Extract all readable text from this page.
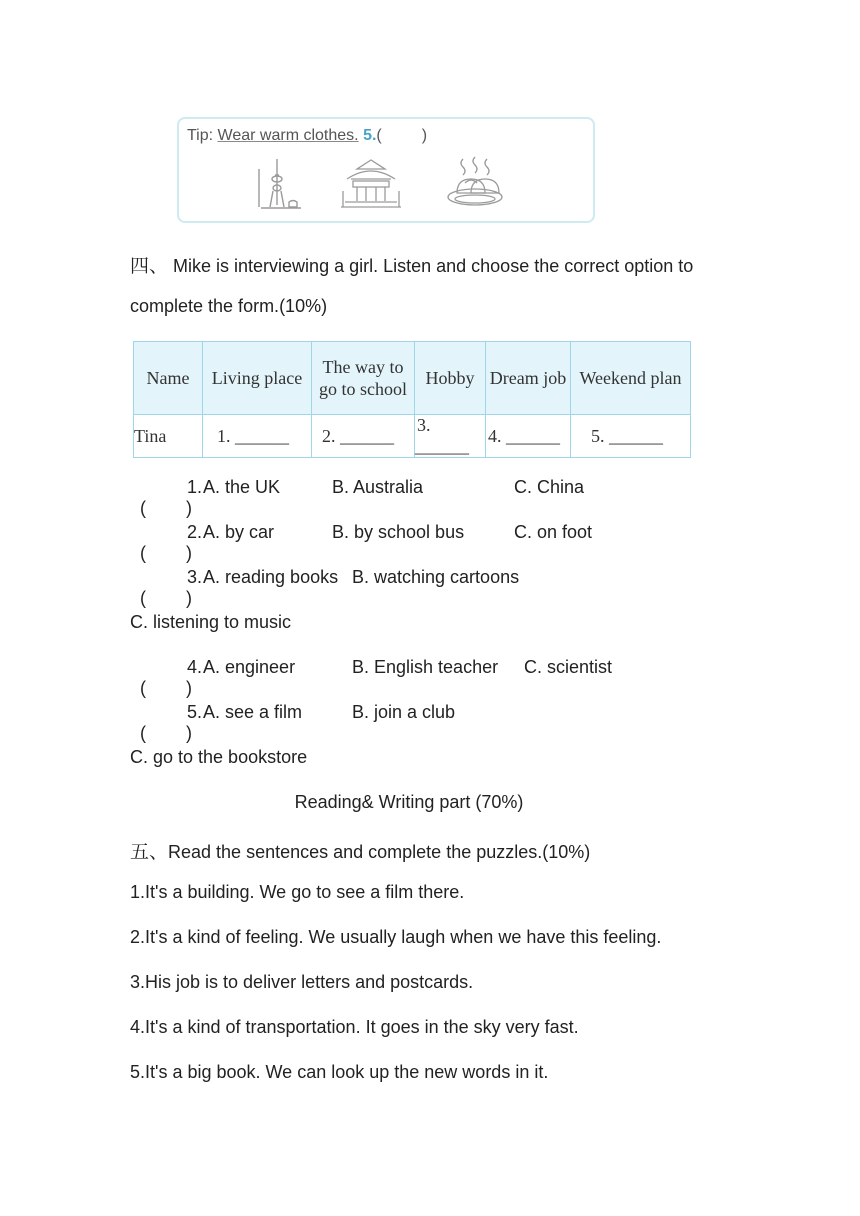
Tip: Wear warm clothes. 5.(         )
四、 Mike is interviewing a girl. Listen and choose the correct option to
complete the form.(10%)
Name	Living place	The way to
go to school	Hobby	Dream job	Weekend plan
Tina	1. ______	2. ______	3. ______	4. ______	5. ______

(        )

1. A. the UK	B. Australia	C. China

(        )

2. A. by car	B. by school bus	C. on foot

(        )

3. A. reading books B. watching cartoons
C. listening to music

(        )

4. A. engineer	B. English teacher C. scientist

(        )

5. A. see a film	B. join a club
C. go to the bookstore
Reading& Writing part (70%)
五、Read the sentences and complete the puzzles.(10%)
1.It's a building. We go to see a film there.
2.It's a kind of feeling. We usually laugh when we have this feeling.
3.His job is to deliver letters and postcards.
4.It's a kind of transportation. It goes in the sky very fast.
5.It's a big book. We can look up the new words in it.
